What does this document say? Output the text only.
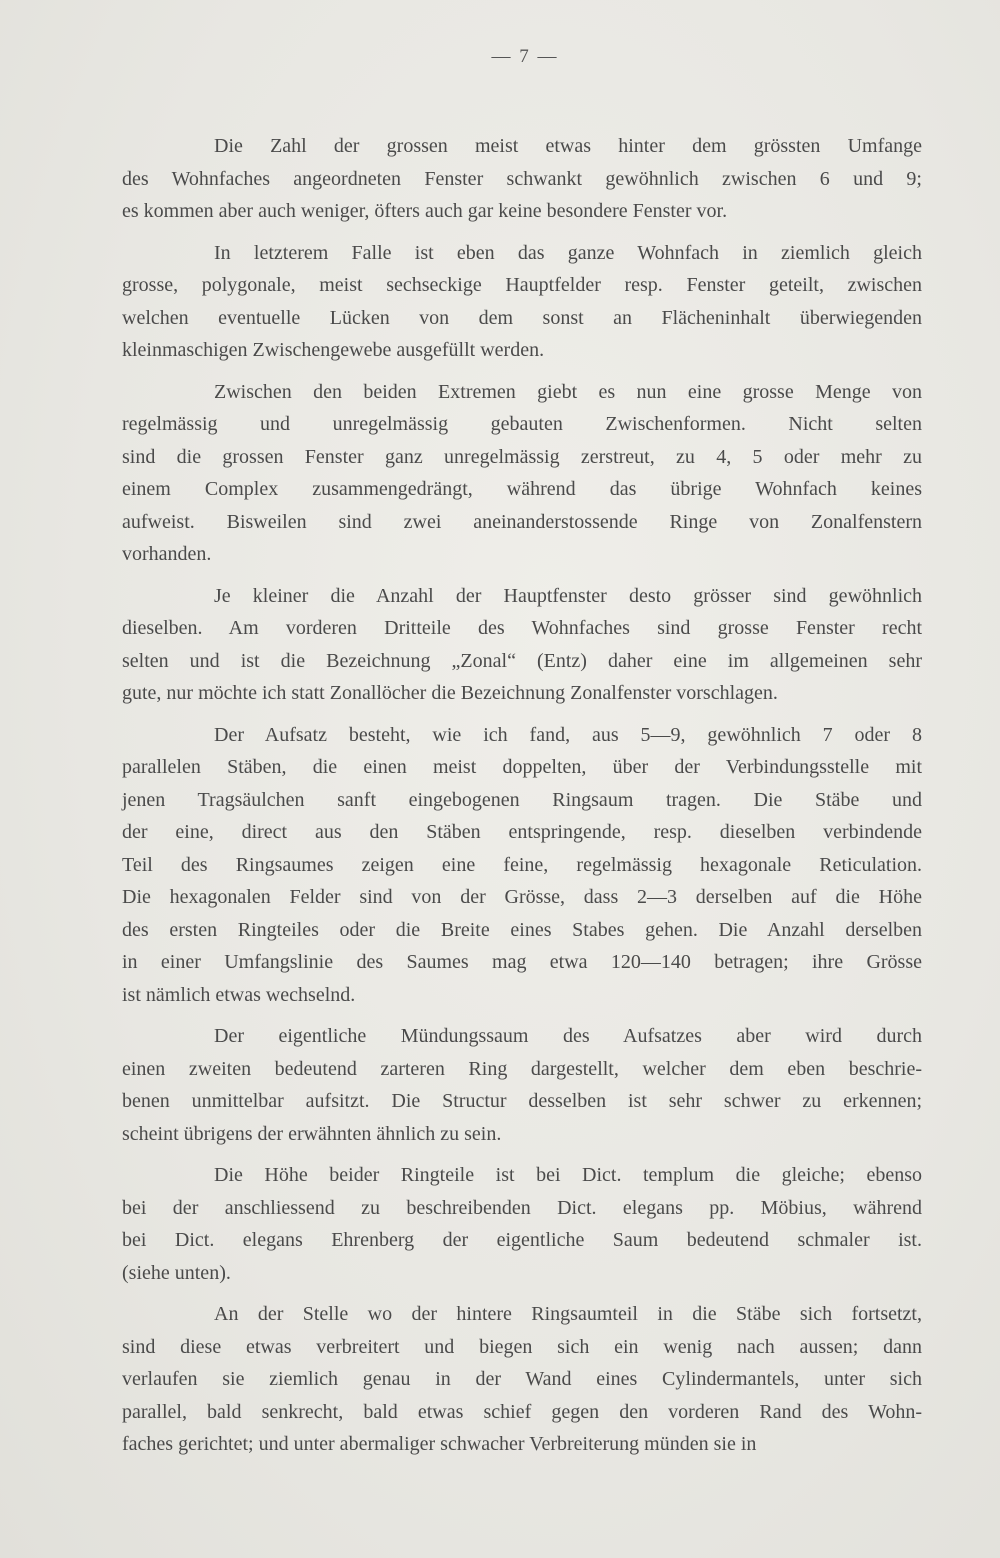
— 7 —
Die Zahl der grossen meist etwas hinter dem grössten Umfange
des Wohnfaches angeordneten Fenster schwankt gewöhnlich zwischen 6 und 9;
es kommen aber auch weniger, öfters auch gar keine besondere Fenster vor.
In letzterem Falle ist eben das ganze Wohnfach in ziemlich gleich
grosse, polygonale, meist sechseckige Hauptfelder resp. Fenster geteilt, zwischen
welchen eventuelle Lücken von dem sonst an Flächeninhalt überwiegenden
kleinmaschigen Zwischengewebe ausgefüllt werden.
Zwischen den beiden Extremen giebt es nun eine grosse Menge von
regelmässig und unregelmässig gebauten Zwischenformen. Nicht selten
sind die grossen Fenster ganz unregelmässig zerstreut, zu 4, 5 oder mehr zu
einem Complex zusammengedrängt, während das übrige Wohnfach keines
aufweist. Bisweilen sind zwei aneinanderstossende Ringe von Zonalfenstern
vorhanden.
Je kleiner die Anzahl der Hauptfenster desto grösser sind gewöhnlich
dieselben. Am vorderen Dritteile des Wohnfaches sind grosse Fenster recht
selten und ist die Bezeichnung „Zonal“ (Entz) daher eine im allgemeinen sehr
gute, nur möchte ich statt Zonallöcher die Bezeichnung Zonalfenster vorschlagen.
Der Aufsatz besteht, wie ich fand, aus 5—9, gewöhnlich 7 oder 8
parallelen Stäben, die einen meist doppelten, über der Verbindungsstelle mit
jenen Tragsäulchen sanft eingebogenen Ringsaum tragen. Die Stäbe und
der eine, direct aus den Stäben entspringende, resp. dieselben verbindende
Teil des Ringsaumes zeigen eine feine, regelmässig hexagonale Reticulation.
Die hexagonalen Felder sind von der Grösse, dass 2—3 derselben auf die Höhe
des ersten Ringteiles oder die Breite eines Stabes gehen. Die Anzahl derselben
in einer Umfangslinie des Saumes mag etwa 120—140 betragen; ihre Grösse
ist nämlich etwas wechselnd.
Der eigentliche Mündungssaum des Aufsatzes aber wird durch
einen zweiten bedeutend zarteren Ring dargestellt, welcher dem eben beschrie-
benen unmittelbar aufsitzt. Die Structur desselben ist sehr schwer zu erkennen;
scheint übrigens der erwähnten ähnlich zu sein.
Die Höhe beider Ringteile ist bei Dict. templum die gleiche; ebenso
bei der anschliessend zu beschreibenden Dict. elegans pp. Möbius, während
bei Dict. elegans Ehrenberg der eigentliche Saum bedeutend schmaler ist.
(siehe unten).
An der Stelle wo der hintere Ringsaumteil in die Stäbe sich fortsetzt,
sind diese etwas verbreitert und biegen sich ein wenig nach aussen; dann
verlaufen sie ziemlich genau in der Wand eines Cylindermantels, unter sich
parallel, bald senkrecht, bald etwas schief gegen den vorderen Rand des Wohn-
faches gerichtet; und unter abermaliger schwacher Verbreiterung münden sie in
